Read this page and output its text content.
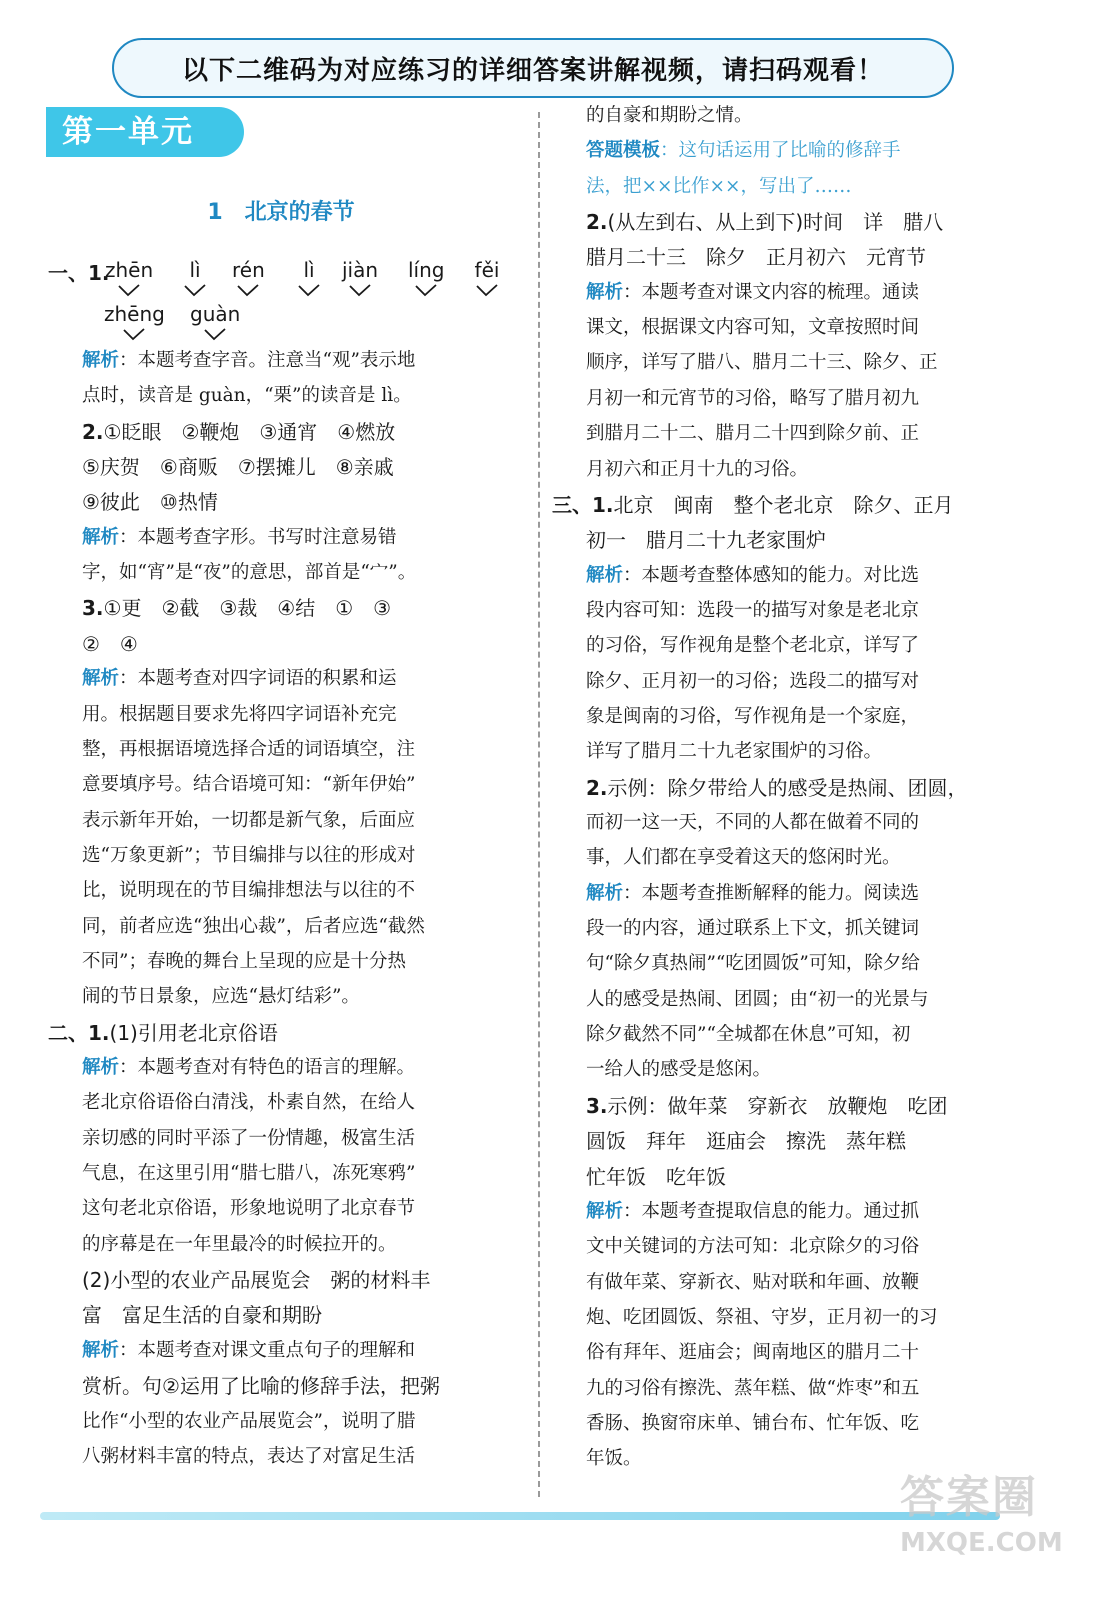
以下二维码为对应练习的详细答案讲解视频，请扫码观看！
第一单元
1 北京的春节
一、1.
zhēn	lì	rén	lì	jiàn líng fěi
zhēng guàn
解析：本题考查字音。注意当“观”表示地
点时，读音是 guàn，“栗”的读音是 lì。
2.①眨眼　②鞭炮　③通宵　④燃放
⑤庆贺　⑥商贩　⑦摆摊儿　⑧亲戚
⑨彼此　⑩热情
解析：本题考查字形。书写时注意易错
字，如“宵”是“夜”的意思，部首是“宀”。
3.①更　②截　③裁　④结　①　③
②　④
解析：本题考查对四字词语的积累和运
用。根据题目要求先将四字词语补充完
整，再根据语境选择合适的词语填空，注
意要填序号。结合语境可知：“新年伊始”
表示新年开始，一切都是新气象，后面应
选“万象更新”；节目编排与以往的形成对
比，说明现在的节目编排想法与以往的不
同，前者应选“独出心裁”，后者应选“截然
不同”；春晚的舞台上呈现的应是十分热
闹的节日景象，应选“悬灯结彩”。
二、1.(1)引用老北京俗语
解析：本题考查对有特色的语言的理解。
老北京俗语俗白清浅，朴素自然，在给人
亲切感的同时平添了一份情趣，极富生活
气息，在这里引用“腊七腊八，冻死寒鸦”
这句老北京俗语，形象地说明了北京春节
的序幕是在一年里最冷的时候拉开的。
(2)小型的农业产品展览会　粥的材料丰
富　富足生活的自豪和期盼
解析：本题考查对课文重点句子的理解和
赏析。句②运用了比喻的修辞手法，把粥
比作“小型的农业产品展览会”，说明了腊
八粥材料丰富的特点，表达了对富足生活
的自豪和期盼之情。
答题模板：这句话运用了比喻的修辞手
法，把××比作××，写出了……
2.(从左到右、从上到下)时间　详　腊八
腊月二十三　除夕　正月初六　元宵节
解析：本题考查对课文内容的梳理。通读
课文，根据课文内容可知，文章按照时间
顺序，详写了腊八、腊月二十三、除夕、正
月初一和元宵节的习俗，略写了腊月初九
到腊月二十二、腊月二十四到除夕前、正
月初六和正月十九的习俗。
三、1.北京　闽南　整个老北京　除夕、正月
初一　腊月二十九老家围炉
解析：本题考查整体感知的能力。对比选
段内容可知：选段一的描写对象是老北京
的习俗，写作视角是整个老北京，详写了
除夕、正月初一的习俗；选段二的描写对
象是闽南的习俗，写作视角是一个家庭，
详写了腊月二十九老家围炉的习俗。
2.示例：除夕带给人的感受是热闹、团圆，
而初一这一天，不同的人都在做着不同的
事，人们都在享受着这天的悠闲时光。
解析：本题考查推断解释的能力。阅读选
段一的内容，通过联系上下文，抓关键词
句“除夕真热闹”“吃团圆饭”可知，除夕给
人的感受是热闹、团圆；由“初一的光景与
除夕截然不同”“全城都在休息”可知，初
一给人的感受是悠闲。
3.示例：做年菜　穿新衣　放鞭炮　吃团
圆饭　拜年　逛庙会　擦洗　蒸年糕
忙年饭　吃年饭
解析：本题考查提取信息的能力。通过抓
文中关键词的方法可知：北京除夕的习俗
有做年菜、穿新衣、贴对联和年画、放鞭
炮、吃团圆饭、祭祖、守岁，正月初一的习
俗有拜年、逛庙会；闽南地区的腊月二十
九的习俗有擦洗、蒸年糕、做“炸枣”和五
香肠、换窗帘床单、铺台布、忙年饭、吃
年饭。
答案圈
MXQE.COM
